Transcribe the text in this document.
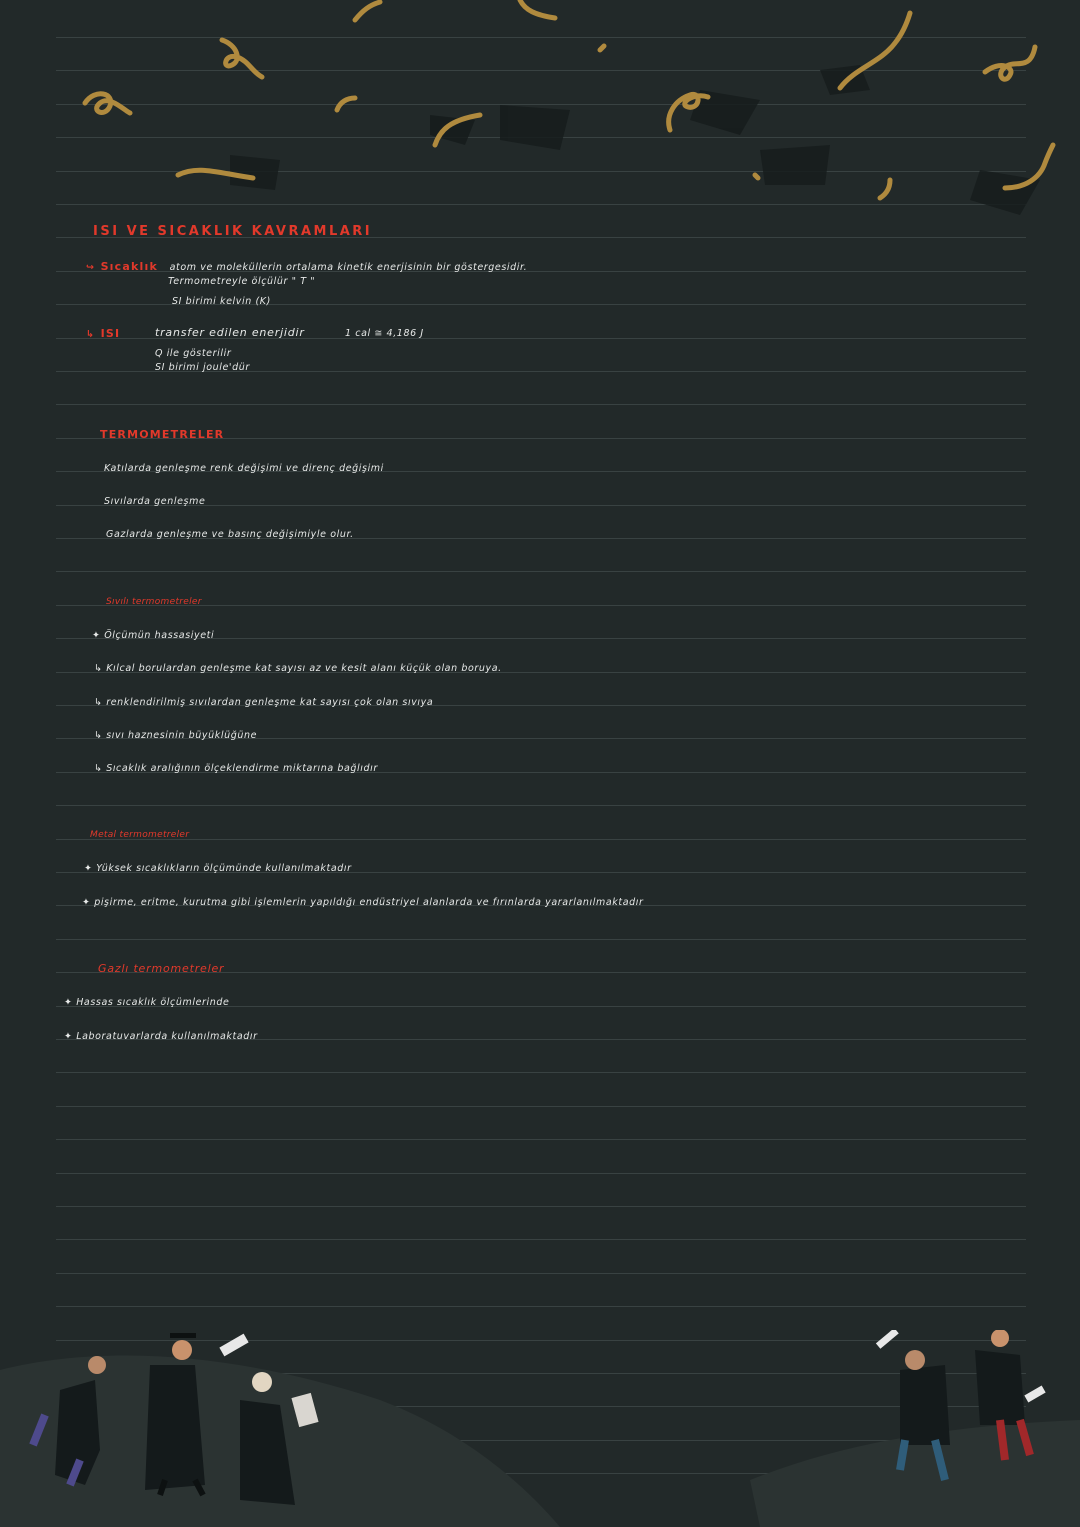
ISI VE SICAKLIK KAVRAMLARI
↪ Sıcaklık atom ve moleküllerin ortalama kinetik enerjisinin bir göstergesidir.
Termometreyle ölçülür " T "
SI birimi kelvin (K)
↳ ISI	transfer edilen enerjidir	1 cal ≅ 4,186 J
Q ile gösterilir
SI birimi joule'dür
TERMOMETRELER
Katılarda genleşme renk değişimi ve direnç değişimi
Sıvılarda genleşme
Gazlarda genleşme ve basınç değişimiyle olur.
Sıvılı termometreler
✦ Ölçümün hassasiyeti
↳ Kılcal borulardan genleşme kat sayısı az ve kesit alanı küçük olan boruya.
↳ renklendirilmiş sıvılardan genleşme kat sayısı çok olan sıvıya
↳ sıvı haznesinin büyüklüğüne
↳ Sıcaklık aralığının ölçeklendirme miktarına bağlıdır
Metal termometreler
✦ Yüksek sıcaklıkların ölçümünde kullanılmaktadır
✦ pişirme, eritme, kurutma gibi işlemlerin yapıldığı endüstriyel alanlarda ve fırınlarda yararlanılmaktadır
Gazlı termometreler
✦ Hassas sıcaklık ölçümlerinde
✦ Laboratuvarlarda kullanılmaktadır
